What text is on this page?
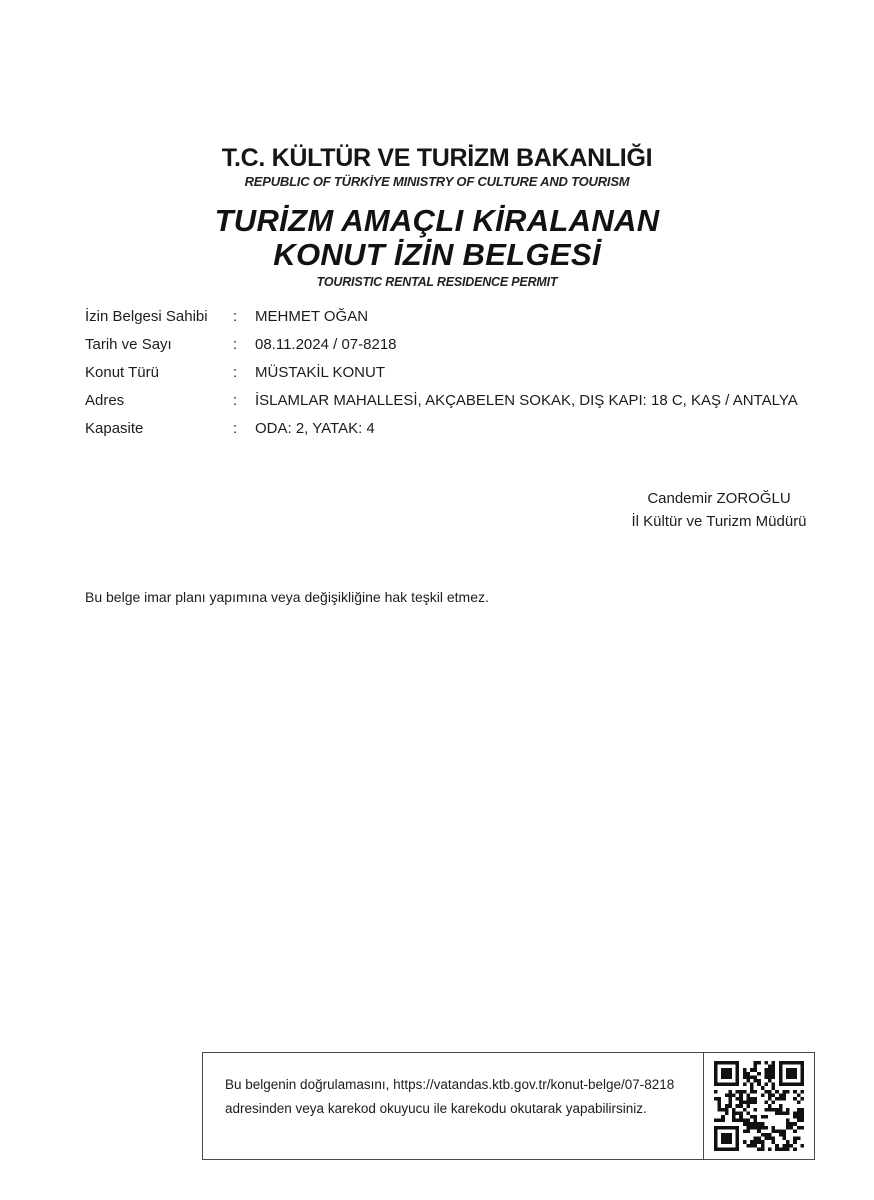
T.C. KÜLTÜR VE TURİZM BAKANLIĞI
REPUBLIC OF TÜRKİYE MINISTRY OF CULTURE AND TOURISM
TURİZM AMAÇLI KİRALANAN
KONUT İZİN BELGESİ
TOURISTIC RENTAL RESIDENCE PERMIT
İzin Belgesi Sahibi	:	MEHMET OĞAN
Tarih ve Sayı	:	08.11.2024 / 07-8218
Konut Türü	:	MÜSTAKİL KONUT
Adres	:	İSLAMLAR MAHALLESİ, AKÇABELEN SOKAK, DIŞ KAPI: 18 C, KAŞ / ANTALYA
Kapasite	:	ODA: 2, YATAK: 4
Candemir ZOROĞLU
İl Kültür ve Turizm Müdürü
Bu belge imar planı yapımına veya değişikliğine hak teşkil etmez.
Bu belgenin doğrulamasını, https://vatandas.ktb.gov.tr/konut-belge/07-8218
adresinden veya karekod okuyucu ile karekodu okutarak yapabilirsiniz.
